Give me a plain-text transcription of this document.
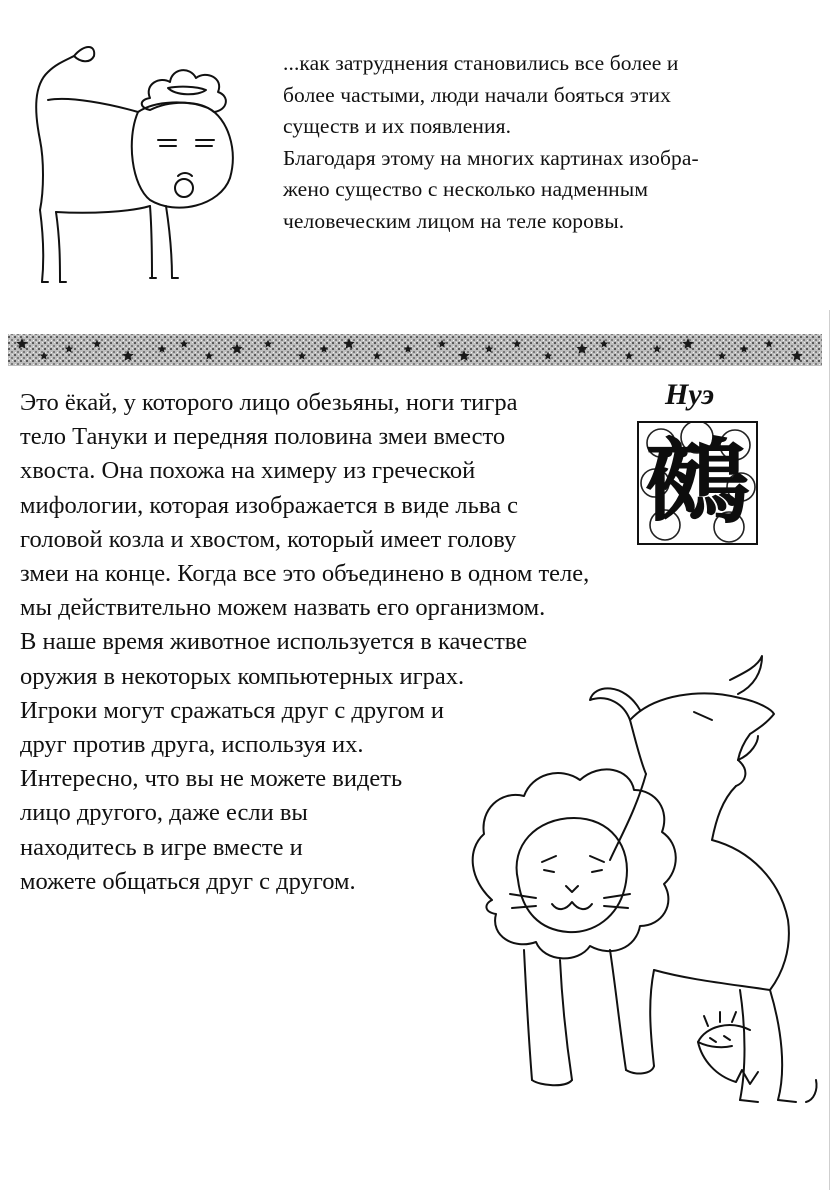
...как затруднения становились все более и

более частыми, люди начали бояться этих

существ и их появления.

Благодаря этому на многих картинах изобра-

жено существо с несколько надменным

человеческим лицом на теле коровы.

Нуэ
鵺
Это ёкай, у которого лицо обезьяны, ноги тигра
тело Тануки и передняя половина змеи вместо
хвоста. Она похожа на химеру из греческой
мифологии, которая изображается в виде льва с
головой козла и хвостом, который имеет голову
змеи на конце. Когда все это объединено в одном теле,
мы действительно можем назвать его организмом.
В наше время животное используется в качестве
оружия в некоторых компьютерных играх.
Игроки могут сражаться друг с другом и
друг против друга, используя их.
Интересно, что вы не можете видеть
лицо другого, даже если вы
находитесь в игре вместе и
можете общаться друг с другом.
